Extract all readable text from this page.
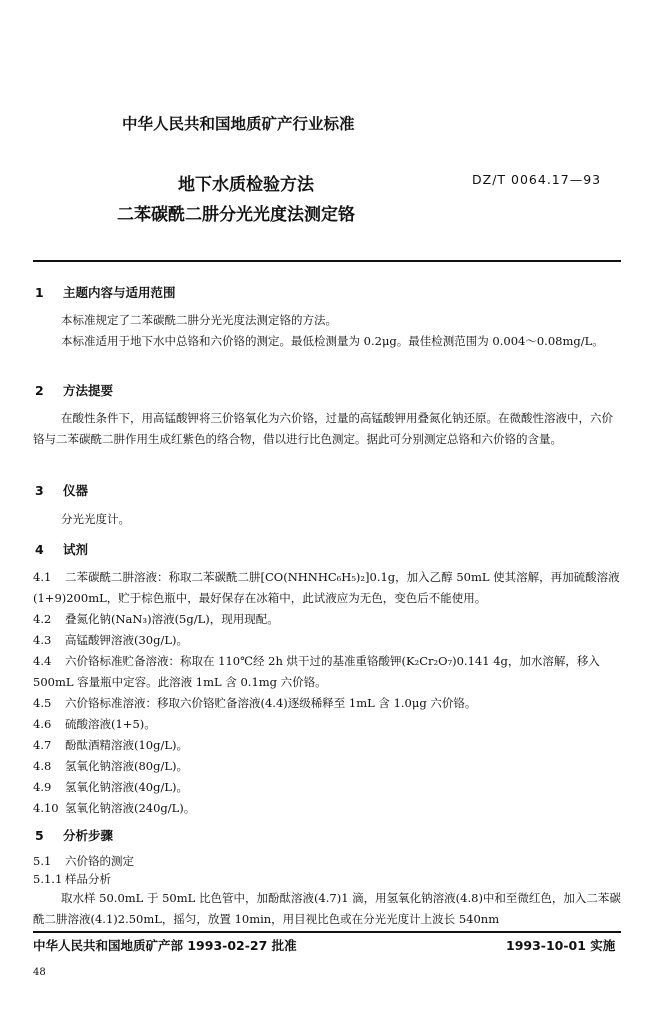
中华人民共和国地质矿产行业标准
地下水质检验方法
二苯碳酰二肼分光光度法测定铬
DZ/T 0064.17—93
1 主题内容与适用范围
本标准规定了二苯碳酰二肼分光光度法测定铬的方法。
本标准适用于地下水中总铬和六价铬的测定。最低检测量为 0.2μg。最佳检测范围为 0.004～0.08mg/L。
2 方法提要
在酸性条件下，用高锰酸钾将三价铬氧化为六价铬，过量的高锰酸钾用叠氮化钠还原。在微酸性溶液中，六价铬与二苯碳酰二肼作用生成红紫色的络合物，借以进行比色测定。据此可分别测定总铬和六价铬的含量。
3 仪器
分光光度计。
4 试剂
4.1 二苯碳酰二肼溶液：称取二苯碳酰二肼[CO(NHNHC₆H₅)₂]0.1g，加入乙醇 50mL 使其溶解，再加硫酸溶液(1+9)200mL，贮于棕色瓶中，最好保存在冰箱中，此试液应为无色，变色后不能使用。
4.2 叠氮化钠(NaN₃)溶液(5g/L)，现用现配。
4.3 高锰酸钾溶液(30g/L)。
4.4 六价铬标准贮备溶液：称取在 110℃经 2h 烘干过的基准重铬酸钾(K₂Cr₂O₇)0.141 4g，加水溶解，移入 500mL 容量瓶中定容。此溶液 1mL 含 0.1mg 六价铬。
4.5 六价铬标准溶液：移取六价铬贮备溶液(4.4)逐级稀释至 1mL 含 1.0μg 六价铬。
4.6 硫酸溶液(1+5)。
4.7 酚酞酒精溶液(10g/L)。
4.8 氢氧化钠溶液(80g/L)。
4.9 氢氧化钠溶液(40g/L)。
4.10 氢氧化钠溶液(240g/L)。
5 分析步骤
5.1 六价铬的测定
5.1.1 样品分析
取水样 50.0mL 于 50mL 比色管中，加酚酞溶液(4.7)1 滴，用氢氧化钠溶液(4.8)中和至微红色，加入二苯碳酰二肼溶液(4.1)2.50mL，摇匀，放置 10min，用目视比色或在分光光度计上波长 540nm
中华人民共和国地质矿产部 1993-02-27 批准	1993-10-01 实施
48
